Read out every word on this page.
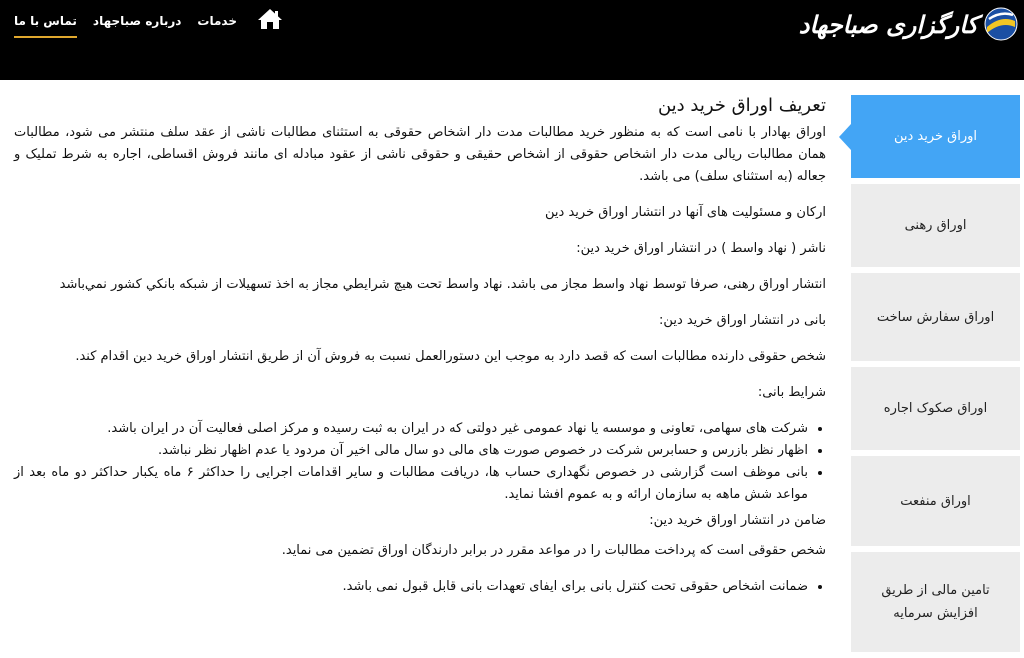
کارگزاری صباجهاد
تماس با ما درباره صباجهاد خدمات
اوراق خرید دین
اوراق رهنی
اوراق سفارش ساخت
اوراق صکوک اجاره
اوراق منفعت
تامین مالی از طریق افزایش سرمایه
تعریف اوراق خرید دین

اوراق بهادار با نامی است که به منظور خرید مطالبات مدت دار اشخاص حقوقی به استثنای مطالبات ناشی از عقد سلف منتشر می شود، مطالبات همان مطالبات ریالی مدت دار اشخاص حقوقی از اشخاص حقیقی و حقوقی ناشی از عقود مبادله ای مانند فروش اقساطی، اجاره به شرط تملیک و جعاله (به استثنای سلف) می باشد.

ارکان و مسئولیت های آنها در انتشار اوراق خرید دین

ناشر ( نهاد واسط ) در انتشار اوراق خرید دین:

انتشار اوراق رهنی، صرفا توسط نهاد واسط مجاز می باشد. نهاد واسط تحت هيچ شرايطي مجاز به اخذ تسهيلات از شبكه بانكي كشور نمي‌باشد

بانی در انتشار اوراق خرید دین:

شخص حقوقی دارنده مطالبات است که قصد دارد به موجب این دستورالعمل نسبت به فروش آن از طریق انتشار اوراق خرید دین اقدام کند.

شرایط بانی:

• شرکت های سهامی، تعاونی و موسسه یا نهاد عمومی غیر دولتی که در ایران به ثبت رسیده و مرکز اصلی فعالیت آن در ایران باشد.
• اظهار نظر بازرس و حسابرس شرکت در خصوص صورت های مالی دو سال مالی اخیر آن مردود یا عدم اظهار نظر نباشد.
• بانی موظف است گزارشی در خصوص نگهداری حساب ها، دریافت مطالبات و سایر اقدامات اجرایی را حداکثر ۶ ماه یکبار حداکثر دو ماه بعد از مواعد شش ماهه به سازمان ارائه و به عموم افشا نماید.

ضامن در انتشار اوراق خرید دین:

شخص حقوقی است که پرداخت مطالبات را در مواعد مقرر در برابر دارندگان اوراق تضمین می نماید.

• ضمانت اشخاص حقوقی تحت کنترل بانی برای ایفای تعهدات بانی قابل قبول نمی باشد.
